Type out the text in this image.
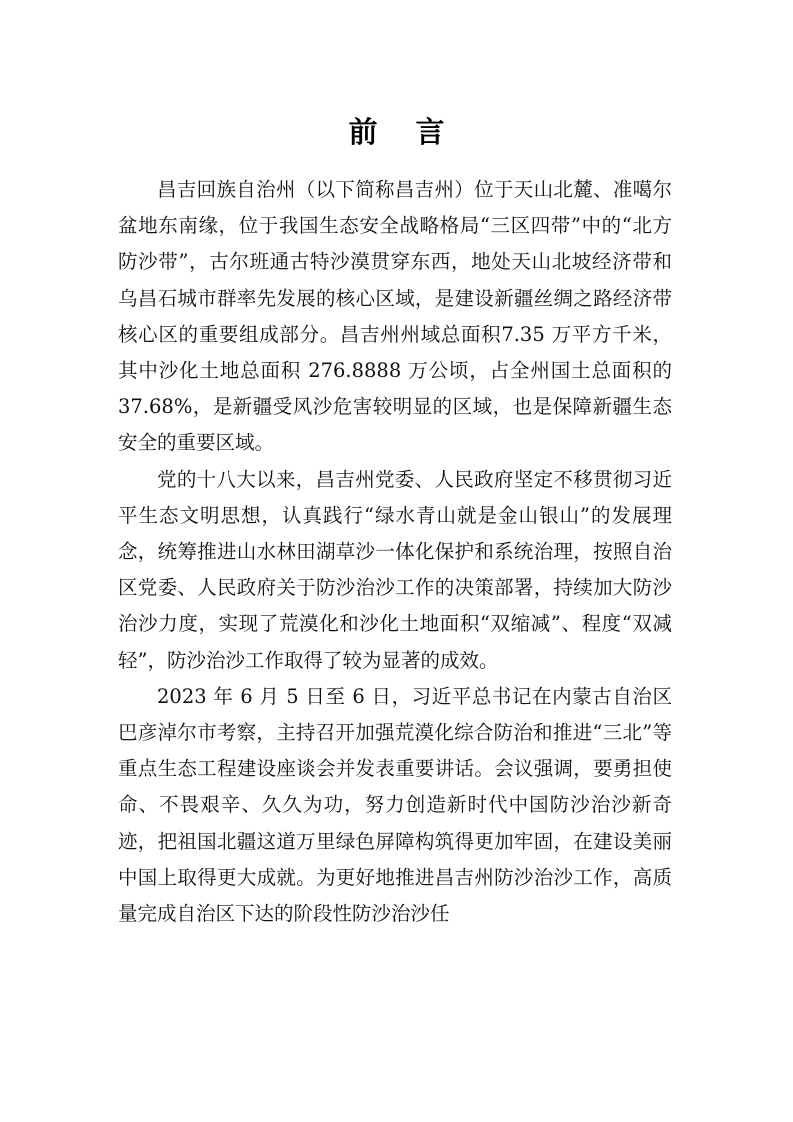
前 言

昌吉回族自治州（以下简称昌吉州）位于天山北麓、准噶尔盆地东南缘，位于我国生态安全战略格局“三区四带”中的“北方防沙带”，古尔班通古特沙漠贯穿东西，地处天山北坡经济带和乌昌石城市群率先发展的核心区域，是建设新疆丝绸之路经济带核心区的重要组成部分。昌吉州州域总面积7.35 万平方千米，其中沙化土地总面积 276.8888 万公顷，占全州国土总面积的 37.68%，是新疆受风沙危害较明显的区域，也是保障新疆生态安全的重要区域。

党的十八大以来，昌吉州党委、人民政府坚定不移贯彻习近平生态文明思想，认真践行“绿水青山就是金山银山”的发展理念，统筹推进山水林田湖草沙一体化保护和系统治理，按照自治区党委、人民政府关于防沙治沙工作的决策部署，持续加大防沙治沙力度，实现了荒漠化和沙化土地面积“双缩减”、程度“双减轻”，防沙治沙工作取得了较为显著的成效。

2023 年 6 月 5 日至 6 日，习近平总书记在内蒙古自治区巴彦淖尔市考察，主持召开加强荒漠化综合防治和推进“三北”等重点生态工程建设座谈会并发表重要讲话。会议强调，要勇担使命、不畏艰辛、久久为功，努力创造新时代中国防沙治沙新奇迹，把祖国北疆这道万里绿色屏障构筑得更加牢固，在建设美丽中国上取得更大成就。为更好地推进昌吉州防沙治沙工作，高质量完成自治区下达的阶段性防沙治沙任
